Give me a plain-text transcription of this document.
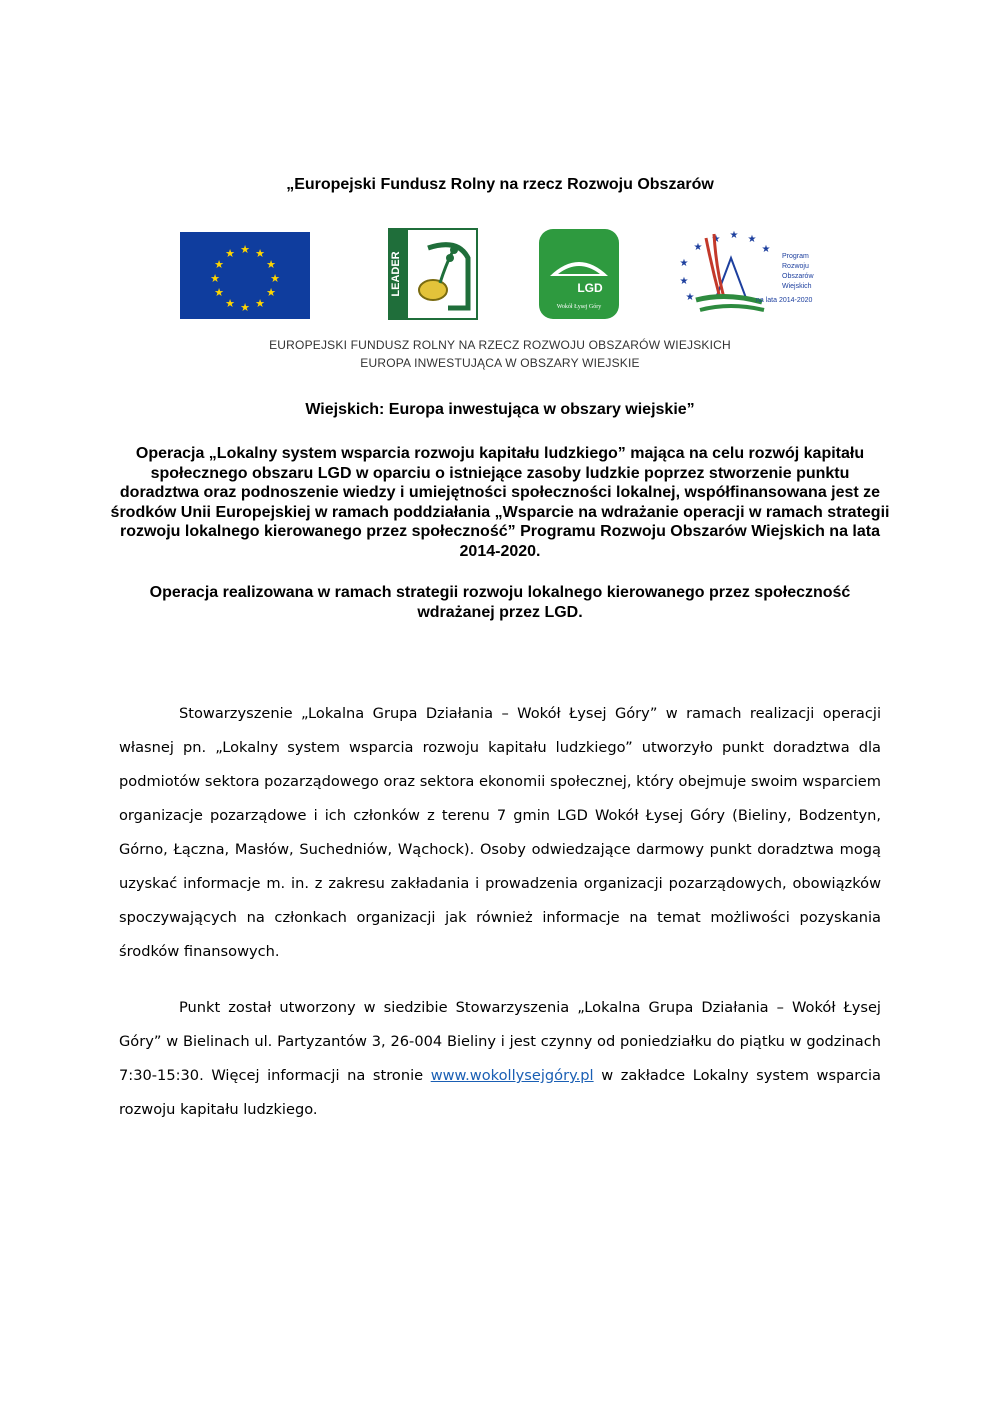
„Europejski Fundusz Rolny na rzecz Rozwoju Obszarów
★ ★
★
★
★
★
★
★
★
★
★
★	LEADER	LGD
Wokół Łysej Góry
★
★ ★ ★
★
★
★
★
Program
Rozwoju
Obszarów
Wiejskich
na lata 2014-2020
EUROPEJSKI FUNDUSZ ROLNY NA RZECZ ROZWOJU OBSZARÓW WIEJSKICH
EUROPA INWESTUJĄCA W OBSZARY WIEJSKIE
Wiejskich: Europa inwestująca w obszary wiejskie”
Operacja „Lokalny system wsparcia rozwoju kapitału ludzkiego” mająca na celu rozwój kapitału społecznego obszaru LGD w oparciu o istniejące zasoby ludzkie poprzez stworzenie punktu doradztwa oraz podnoszenie wiedzy i umiejętności społeczności lokalnej, współfinansowana jest ze środków Unii Europejskiej w ramach poddziałania „Wsparcie na wdrażanie operacji w ramach strategii rozwoju lokalnego kierowanego przez społeczność” Programu Rozwoju Obszarów Wiejskich na lata 2014-2020.
Operacja realizowana w ramach strategii rozwoju lokalnego kierowanego przez społeczność wdrażanej przez LGD.
Stowarzyszenie „Lokalna Grupa Działania – Wokół Łysej Góry” w ramach realizacji operacji własnej pn. „Lokalny system wsparcia rozwoju kapitału ludzkiego” utworzyło punkt doradztwa dla podmiotów sektora pozarządowego oraz sektora ekonomii społecznej, który obejmuje swoim wsparciem organizacje pozarządowe i ich członków z terenu 7 gmin LGD Wokół Łysej Góry (Bieliny, Bodzentyn, Górno, Łączna, Masłów, Suchedniów, Wąchock). Osoby odwiedzające darmowy punkt doradztwa mogą uzyskać informacje m. in. z zakresu zakładania i prowadzenia organizacji pozarządowych, obowiązków spoczywających na członkach organizacji jak również informacje na temat możliwości pozyskania środków finansowych.
Punkt został utworzony w siedzibie Stowarzyszenia „Lokalna Grupa Działania – Wokół Łysej Góry” w Bielinach ul. Partyzantów 3, 26-004 Bieliny i jest czynny od poniedziałku do piątku w godzinach 7:30-15:30. Więcej informacji na stronie www.wokollysejgóry.pl w zakładce Lokalny system wsparcia rozwoju kapitału ludzkiego.
